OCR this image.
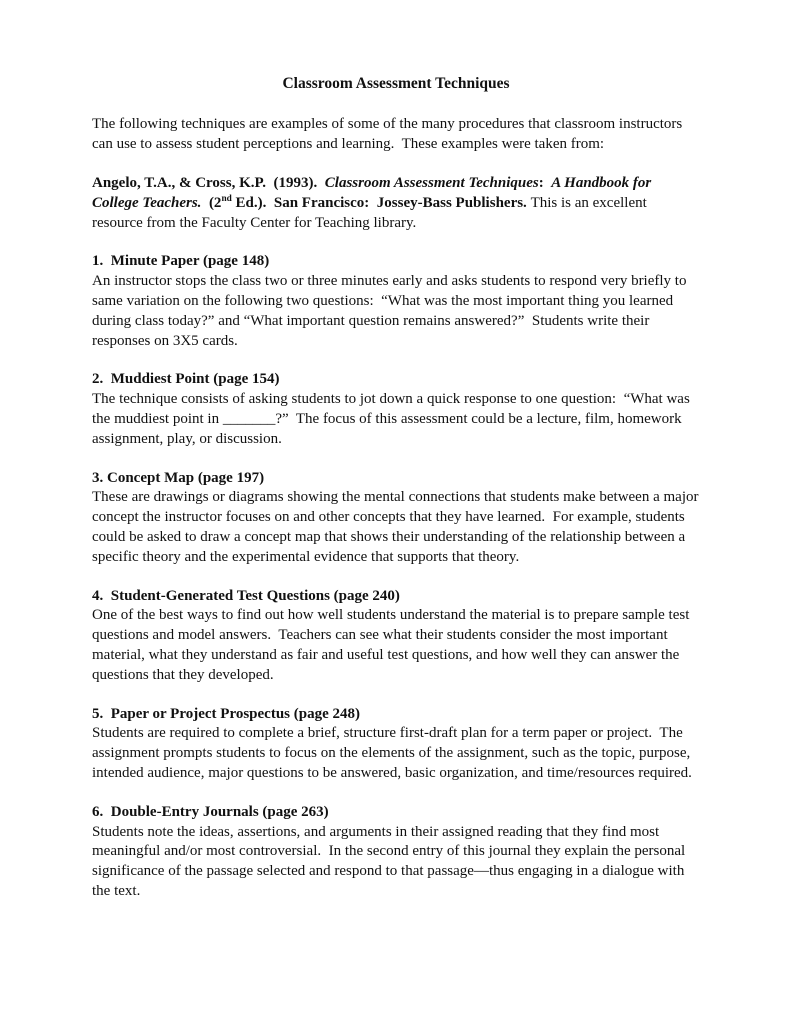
Classroom Assessment Techniques

The following techniques are examples of some of the many procedures that classroom instructors can use to assess student perceptions and learning.  These examples were taken from:

Angelo, T.A., & Cross, K.P.  (1993).  Classroom Assessment Techniques:  A Handbook for College Teachers.  (2nd Ed.).  San Francisco:  Jossey-Bass Publishers. This is an excellent resource from the Faculty Center for Teaching library.

1.  Minute Paper (page 148)
An instructor stops the class two or three minutes early and asks students to respond very briefly to same variation on the following two questions:  “What was the most important thing you learned during class today?” and “What important question remains answered?”  Students write their responses on 3X5 cards.
2.  Muddiest Point (page 154)
The technique consists of asking students to jot down a quick response to one question:  “What was the muddiest point in _______?”  The focus of this assessment could be a lecture, film, homework assignment, play, or discussion.
3. Concept Map (page 197)
These are drawings or diagrams showing the mental connections that students make between a major concept the instructor focuses on and other concepts that they have learned.  For example, students could be asked to draw a concept map that shows their understanding of the relationship between a specific theory and the experimental evidence that supports that theory.
4.  Student-Generated Test Questions (page 240)
One of the best ways to find out how well students understand the material is to prepare sample test questions and model answers.  Teachers can see what their students consider the most important material, what they understand as fair and useful test questions, and how well they can answer the questions that they developed.
5.  Paper or Project Prospectus (page 248)
Students are required to complete a brief, structure first-draft plan for a term paper or project.  The assignment prompts students to focus on the elements of the assignment, such as the topic, purpose, intended audience, major questions to be answered, basic organization, and time/resources required.
6.  Double-Entry Journals (page 263)
Students note the ideas, assertions, and arguments in their assigned reading that they find most meaningful and/or most controversial.  In the second entry of this journal they explain the personal significance of the passage selected and respond to that passage—thus engaging in a dialogue with the text.
